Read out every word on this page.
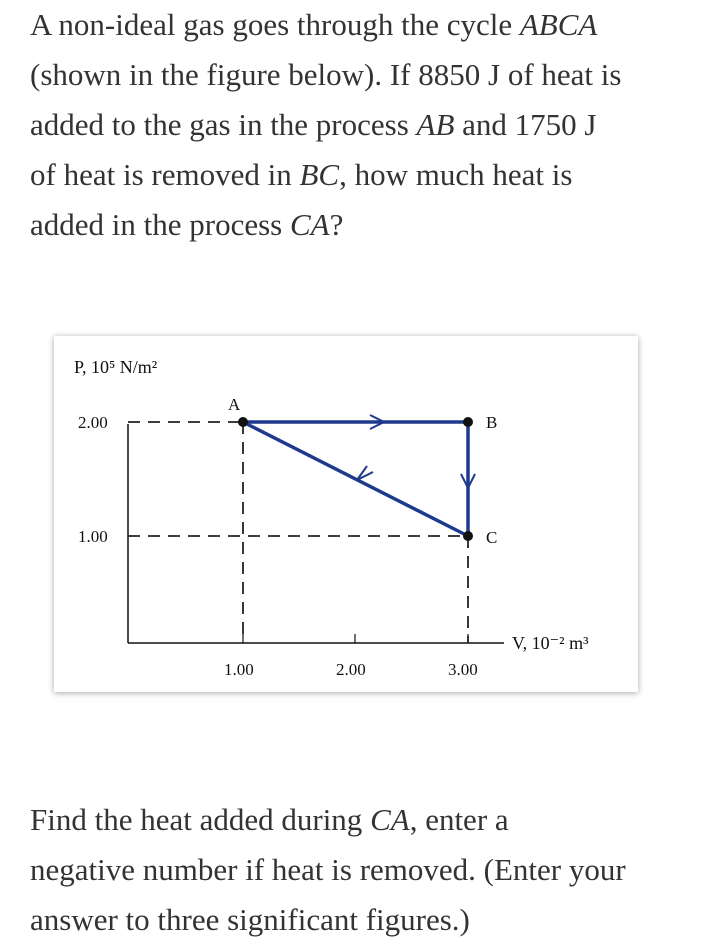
A non-ideal gas goes through the cycle ABCA

(shown in the figure below). If 8850 J of heat is

added to the gas in the process AB and 1750 J

of heat is removed in BC, how much heat is

added in the process CA?

A
B
C
2.00
1.00
1.00	2.00	3.00
P, 10⁵ N/m²
V, 10⁻² m³

Find the heat added during CA, enter a

negative number if heat is removed. (Enter your

answer to three significant figures.)
